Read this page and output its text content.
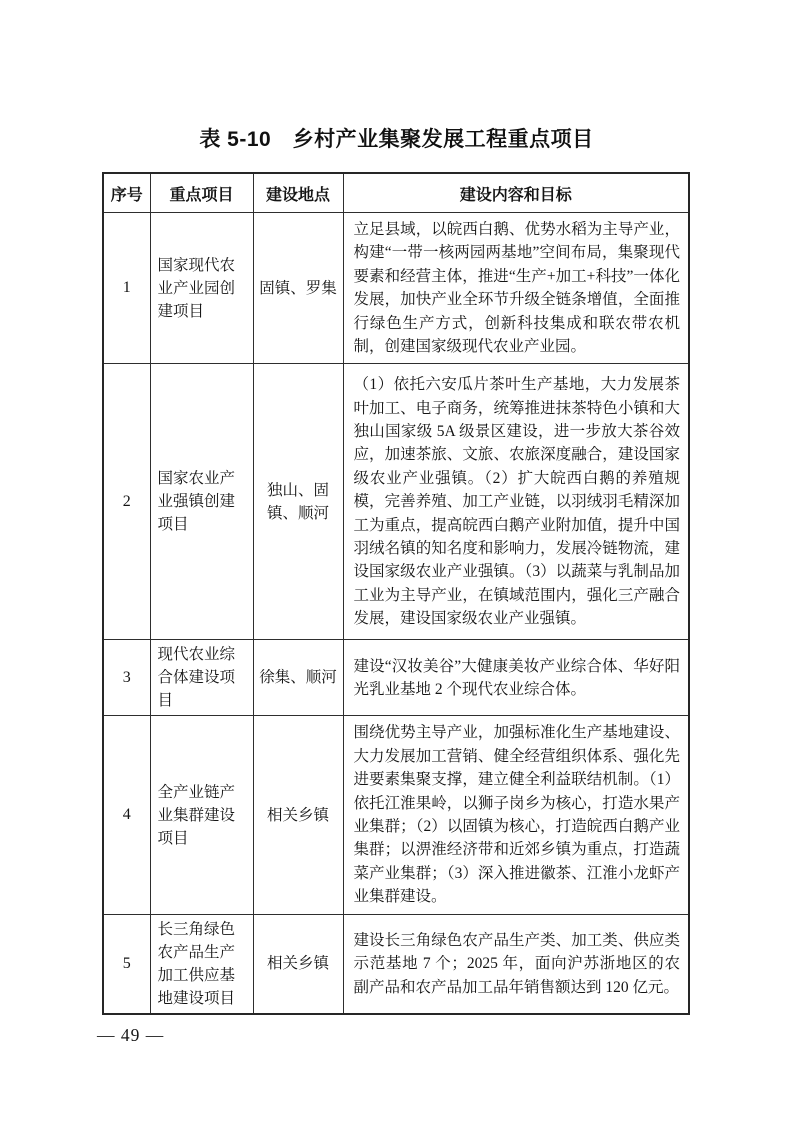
表 5-10　乡村产业集聚发展工程重点项目
序号	重点项目	建设地点	建设内容和目标
1	国家现代农业产业园创建项目	固镇、罗集	立足县域，以皖西白鹅、优势水稻为主导产业，构建“一带一核两园两基地”空间布局，集聚现代要素和经营主体，推进“生产+加工+科技”一体化发展，加快产业全环节升级全链条增值，全面推行绿色生产方式，创新科技集成和联农带农机制，创建国家级现代农业产业园。
2	国家农业产业强镇创建项目	独山、固镇、顺河	（1）依托六安瓜片茶叶生产基地，大力发展茶叶加工、电子商务，统筹推进抹茶特色小镇和大独山国家级 5A 级景区建设，进一步放大茶谷效应，加速茶旅、文旅、农旅深度融合，建设国家级农业产业强镇。（2）扩大皖西白鹅的养殖规模，完善养殖、加工产业链，以羽绒羽毛精深加工为重点，提高皖西白鹅产业附加值，提升中国羽绒名镇的知名度和影响力，发展冷链物流，建设国家级农业产业强镇。（3）以蔬菜与乳制品加工业为主导产业，在镇域范围内，强化三产融合发展，建设国家级农业产业强镇。
3	现代农业综合体建设项目	徐集、顺河	建设“汉妆美谷”大健康美妆产业综合体、华好阳光乳业基地 2 个现代农业综合体。
4	全产业链产业集群建设项目	相关乡镇	围绕优势主导产业，加强标准化生产基地建设、大力发展加工营销、健全经营组织体系、强化先进要素集聚支撑，建立健全利益联结机制。（1）依托江淮果岭，以狮子岗乡为核心，打造水果产业集群；（2）以固镇为核心，打造皖西白鹅产业集群；以淠淮经济带和近郊乡镇为重点，打造蔬菜产业集群；（3）深入推进徽茶、江淮小龙虾产业集群建设。
5	长三角绿色农产品生产加工供应基地建设项目	相关乡镇	建设长三角绿色农产品生产类、加工类、供应类示范基地 7 个；2025 年，面向沪苏浙地区的农副产品和农产品加工品年销售额达到 120 亿元。
— 49 —
